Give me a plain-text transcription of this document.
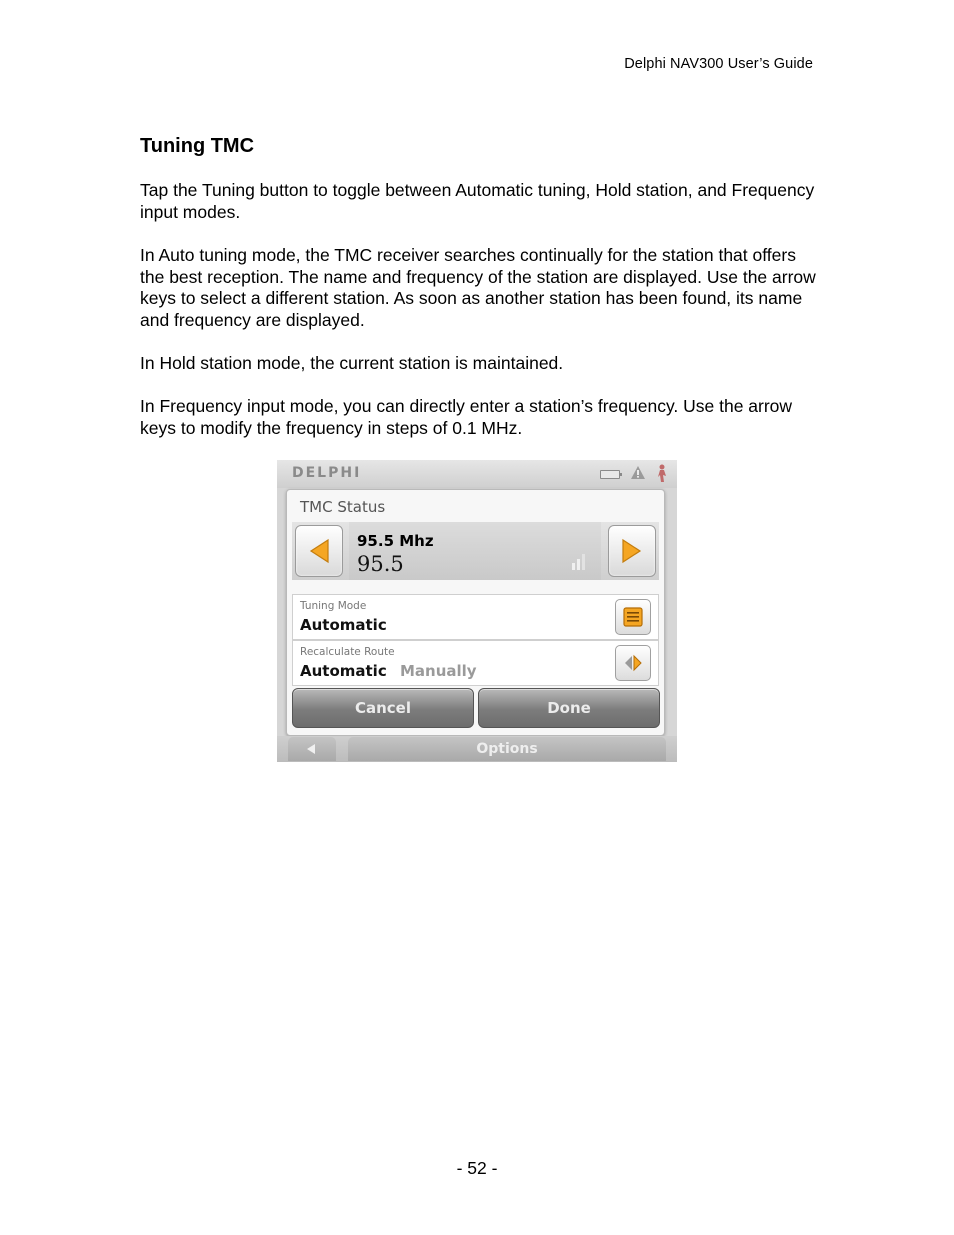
Delphi NAV300 User’s Guide
Tuning TMC

Tap the Tuning button to toggle between Automatic tuning, Hold station, and Frequency input modes.

In Auto tuning mode, the TMC receiver searches continually for the station that offers the best reception. The name and frequency of the station are displayed. Use the arrow keys to select a different station. As soon as another station has been found, its name and frequency are displayed.

In Hold station mode, the current station is maintained.

In Frequency input mode, you can directly enter a station’s frequency. Use the arrow keys to modify the frequency in steps of 0.1 MHz.

DELPHI
TMC Status
95.5 Mhz
95.5
Tuning Mode
Automatic
Recalculate Route
Automatic Manually
Cancel	Done
Options
- 52 -
